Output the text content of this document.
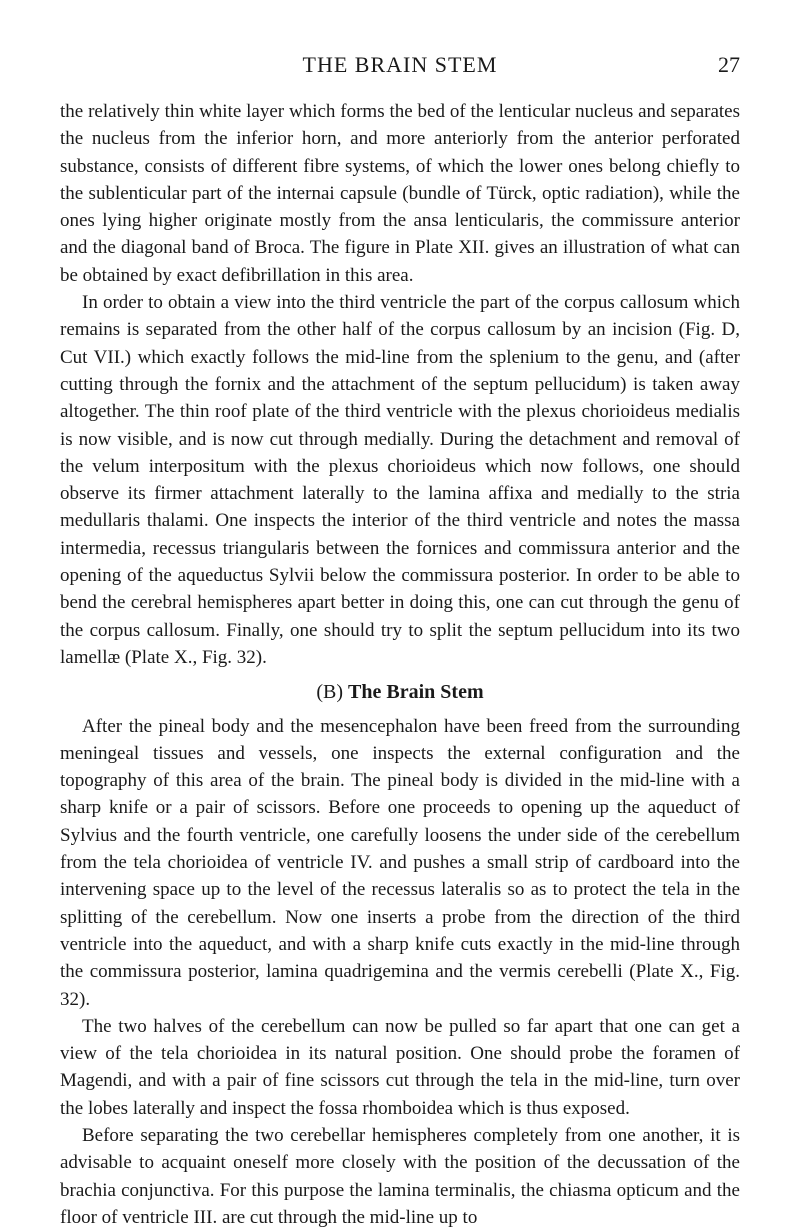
THE BRAIN STEM	27

the relatively thin white layer which forms the bed of the lenticular nucleus and separates the nucleus from the inferior horn, and more anteriorly from the anterior perforated substance, consists of different fibre systems, of which the lower ones belong chiefly to the sublenticular part of the internai capsule (bundle of Türck, optic radiation), while the ones lying higher originate mostly from the ansa lenticularis, the commissure anterior and the diagonal band of Broca. The figure in Plate XII. gives an illustration of what can be obtained by exact defibrillation in this area.

In order to obtain a view into the third ventricle the part of the corpus callosum which remains is separated from the other half of the corpus callosum by an incision (Fig. D, Cut VII.) which exactly follows the mid-line from the splenium to the genu, and (after cutting through the fornix and the attachment of the septum pellucidum) is taken away altogether. The thin roof plate of the third ventricle with the plexus chorioideus medialis is now visible, and is now cut through medially. During the detachment and removal of the velum interpositum with the plexus chorioideus which now follows, one should observe its firmer attachment laterally to the lamina affixa and medially to the stria medullaris thalami. One inspects the interior of the third ventricle and notes the massa intermedia, recessus triangularis between the fornices and commissura anterior and the opening of the aqueductus Sylvii below the commissura posterior. In order to be able to bend the cerebral hemispheres apart better in doing this, one can cut through the genu of the corpus callosum. Finally, one should try to split the septum pellucidum into its two lamellæ (Plate X., Fig. 32).

(B) The Brain Stem

After the pineal body and the mesencephalon have been freed from the surrounding meningeal tissues and vessels, one inspects the external configuration and the topography of this area of the brain. The pineal body is divided in the mid-line with a sharp knife or a pair of scissors. Before one proceeds to opening up the aqueduct of Sylvius and the fourth ventricle, one carefully loosens the under side of the cerebellum from the tela chorioidea of ventricle IV. and pushes a small strip of cardboard into the intervening space up to the level of the recessus lateralis so as to protect the tela in the splitting of the cerebellum. Now one inserts a probe from the direction of the third ventricle into the aqueduct, and with a sharp knife cuts exactly in the mid-line through the commissura posterior, lamina quadrigemina and the vermis cerebelli (Plate X., Fig. 32).

The two halves of the cerebellum can now be pulled so far apart that one can get a view of the tela chorioidea in its natural position. One should probe the foramen of Magendi, and with a pair of fine scissors cut through the tela in the mid-line, turn over the lobes laterally and inspect the fossa rhomboidea which is thus exposed.

Before separating the two cerebellar hemispheres completely from one another, it is advisable to acquaint oneself more closely with the position of the decussation of the brachia conjunctiva. For this purpose the lamina terminalis, the chiasma opticum and the floor of ventricle III. are cut through the mid-line up to
